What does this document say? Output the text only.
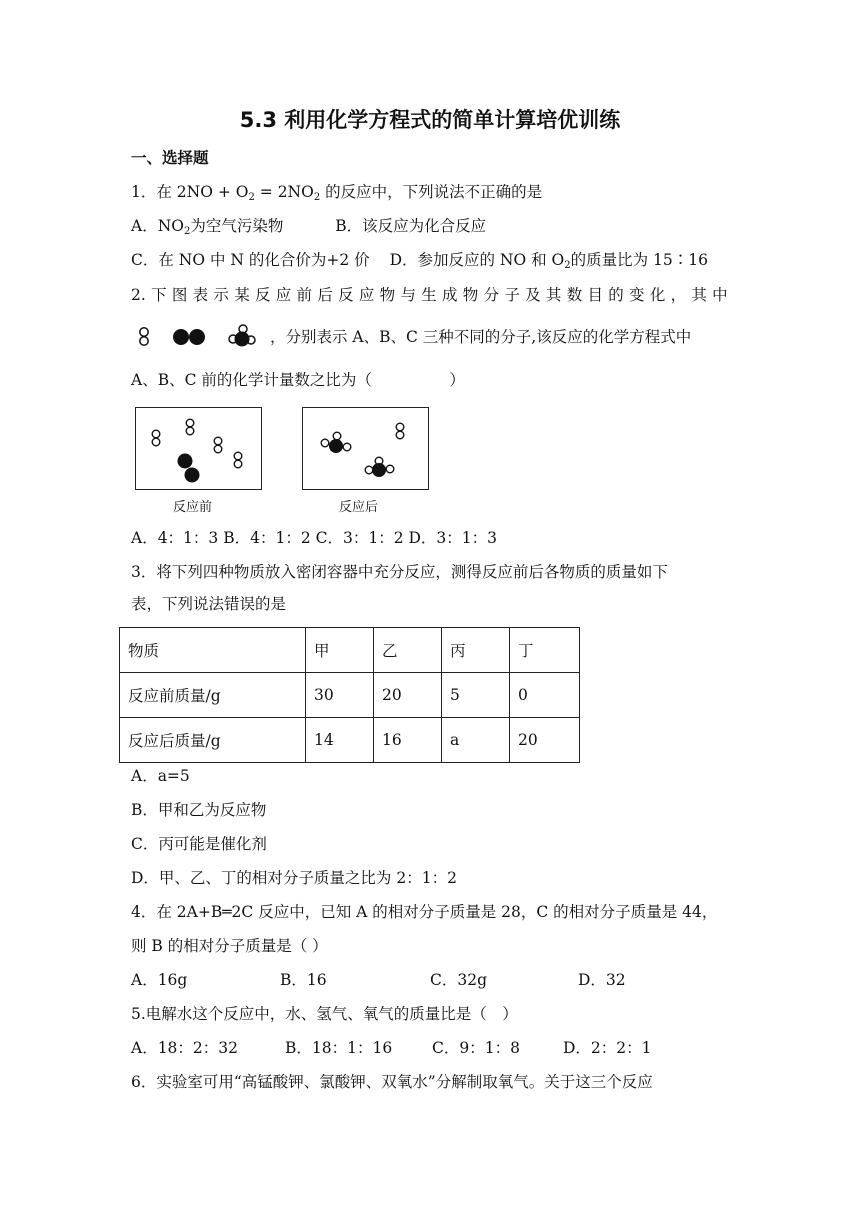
5.3 利用化学方程式的简单计算培优训练
一、选择题
1．在 $2NO + O_2 = 2NO_2$ 的反应中，下列说法不正确的是
A．$NO_2$为空气污染物	B．该反应为化合反应
C．在 NO 中 N 的化合价为+2 价 D．参加反应的 NO 和 $O_2$的质量比为 15∶16
2. 下 图 表 示 某 反 应 前 后 反 应 物 与 生 成 物 分 子 及 其 数 目 的 变 化 ， 其 中
，分别表示 A、B、C 三种不同的分子,该反应的化学方程式中
A、B、C 前的化学计量数之比为（　　　　　）
反应前	反应后
A．4：1：3 B．4：1：2 C．3：1：2 D．3：1：3
3．将下列四种物质放入密闭容器中充分反应，测得反应前后各物质的质量如下
表，下列说法错误的是
物质	甲	乙	丙	丁
反应前质量/g	30	20	5	0
反应后质量/g	14	16	a	20
A．a=5
B．甲和乙为反应物
C．丙可能是催化剂
D．甲、乙、丁的相对分子质量之比为 2：1：2
4．在 2A+B═2C 反应中，已知 A 的相对分子质量是 28，C 的相对分子质量是 44，
则 B 的相对分子质量是（ ）
A．16g	B．16	C．32g	D．32
5.电解水这个反应中，水、氢气、氧气的质量比是（　）
A．18：2：32	B．18：1：16	C．9：1：8	D．2：2：1
6．实验室可用“高锰酸钾、氯酸钾、双氧水”分解制取氧气。关于这三个反应
